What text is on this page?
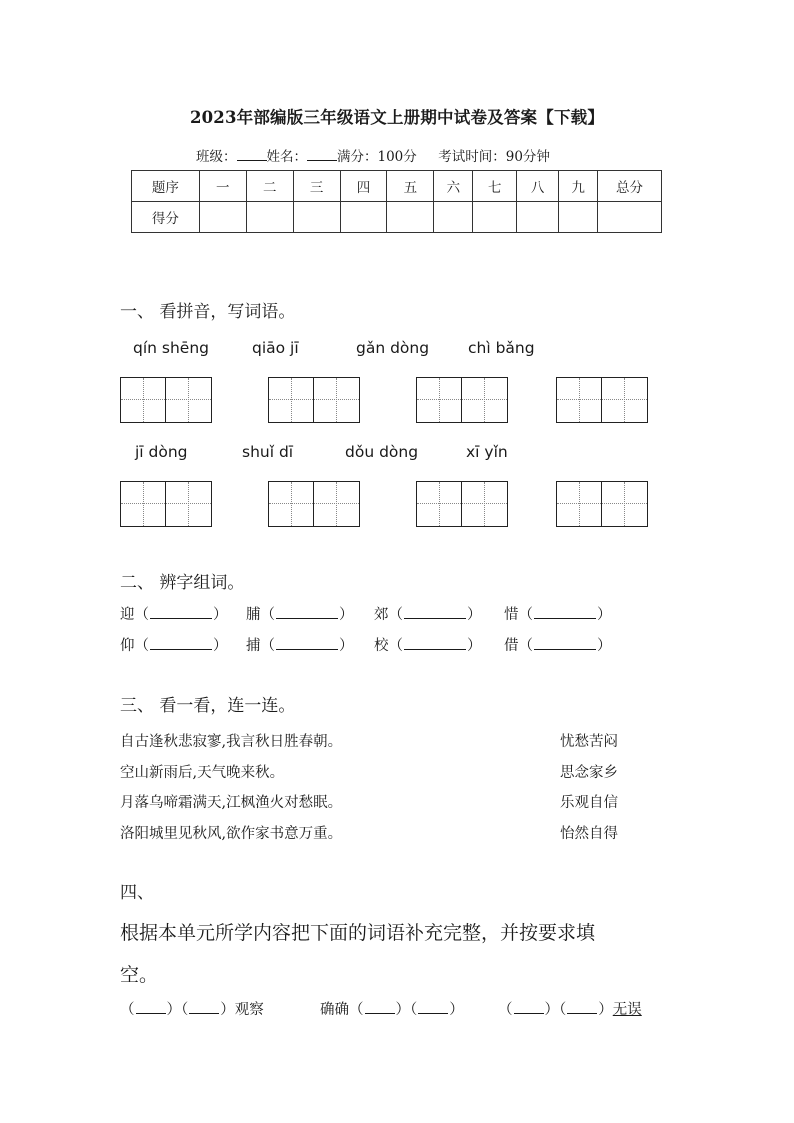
2023年部编版三年级语文上册期中试卷及答案【下载】
班级： 姓名： 满分：100分 考试时间：90分钟
题序	一	二	三	四	五	六	七	八	九	总分
得分										
一、 看拼音，写词语。
qín shēng	qiāo jī	gǎn dòng	chì bǎng
jī dòng	shuǐ dī	dǒu dòng	xī yǐn
二、 辨字组词。
迎（	） 脯（	） 郊（	） 惜（	）
仰（	） 捕（	） 校（	） 借（	）
三、 看一看，连一连。
自古逢秋悲寂寥,我言秋日胜春朝。
空山新雨后,天气晚来秋。
月落乌啼霜满天,江枫渔火对愁眠。
洛阳城里见秋风,欲作家书意万重。
忧愁苦闷
思念家乡
乐观自信
怡然自得
四、
根据本单元所学内容把下面的词语补充完整，并按要求填
空。
（ ）（ ）观察	确确（ ）（ ） （ ）（ ）无误
